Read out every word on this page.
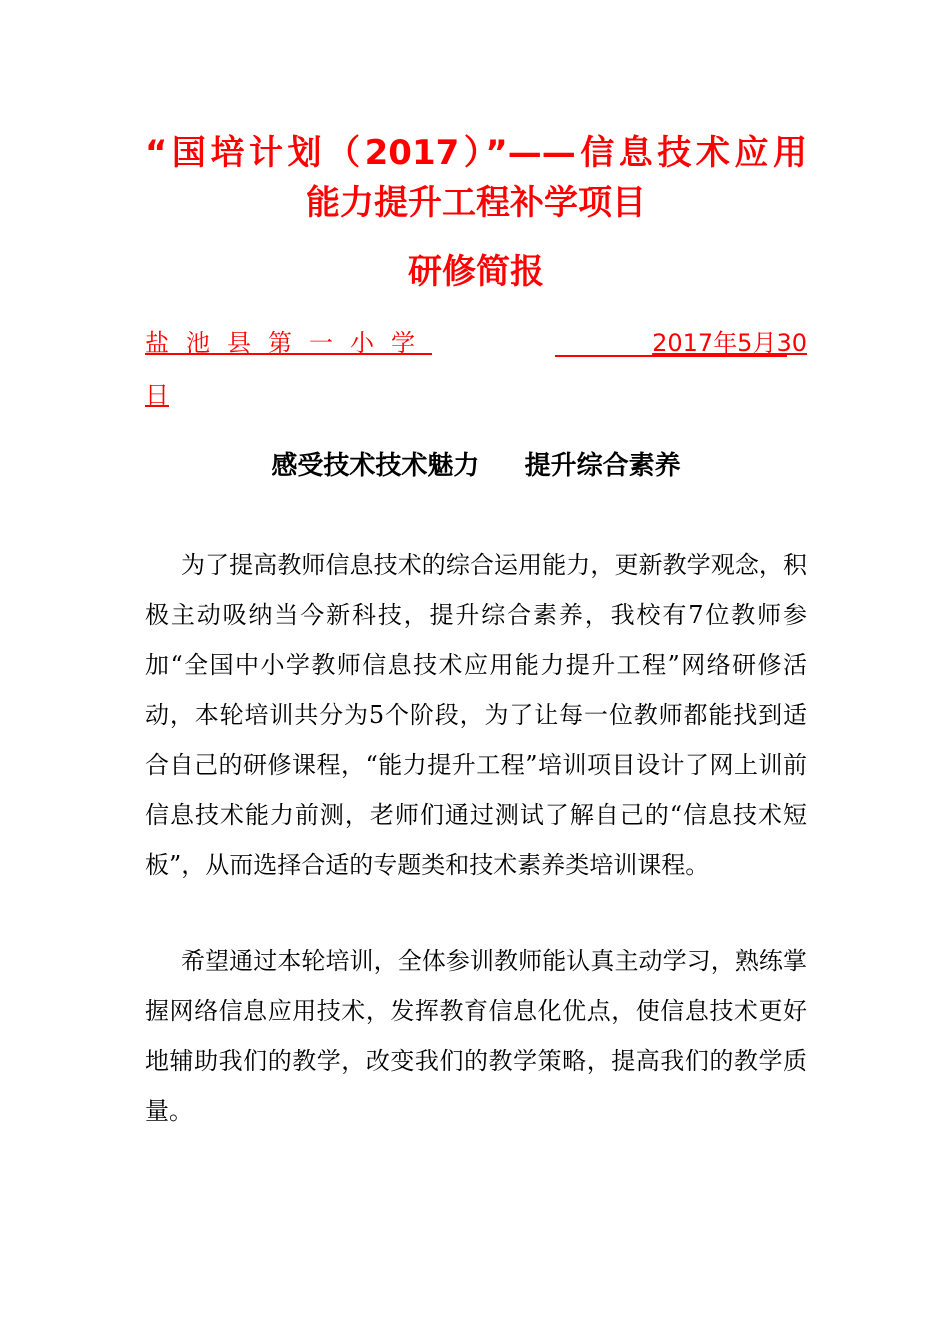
“国培计划（2017）”——信息技术应用
能力提升工程补学项目
研修简报
盐池县第一小学	2017年5月30
日
感受技术技术魅力     提升综合素养

为了提高教师信息技术的综合运用能力，更新教学观念，积极主动吸纳当今新科技，提升综合素养，我校有7位教师参加“全国中小学教师信息技术应用能力提升工程”网络研修活动，本轮培训共分为5个阶段，为了让每一位教师都能找到适合自己的研修课程，“能力提升工程”培训项目设计了网上训前信息技术能力前测，老师们通过测试了解自己的“信息技术短板”，从而选择合适的专题类和技术素养类培训课程。

希望通过本轮培训，全体参训教师能认真主动学习，熟练掌握网络信息应用技术，发挥教育信息化优点，使信息技术更好地辅助我们的教学，改变我们的教学策略，提高我们的教学质量。
